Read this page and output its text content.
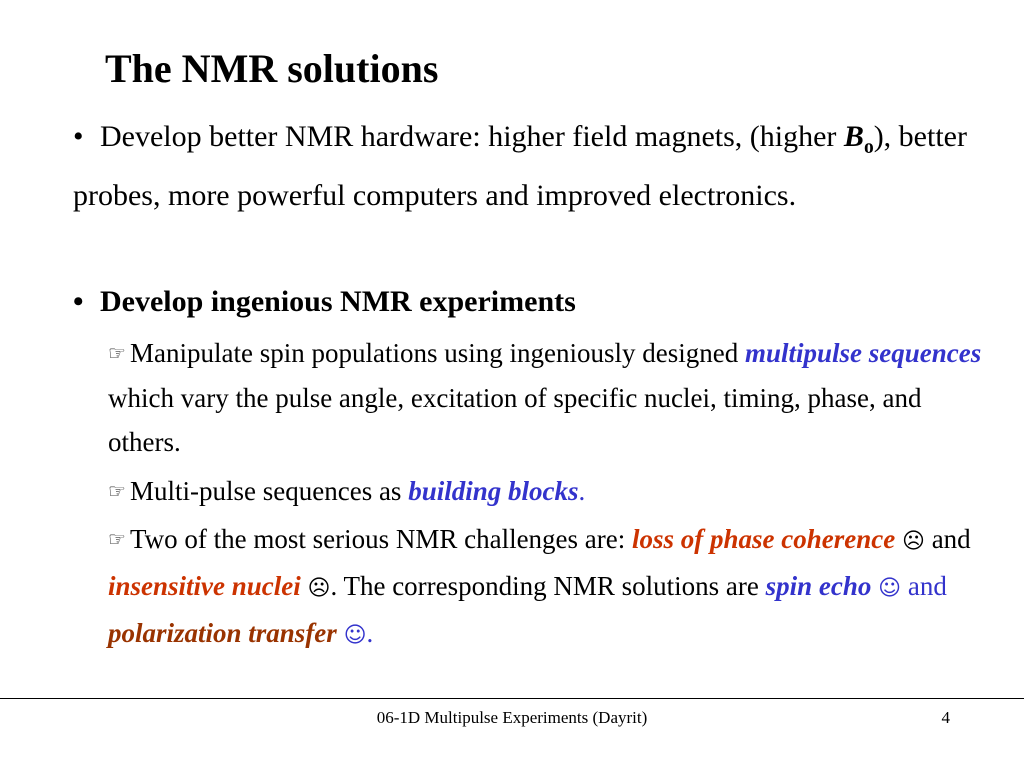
The NMR solutions

• Develop better NMR hardware: higher field magnets, (higher $B_o$), better probes, more powerful computers and improved electronics.

• Develop ingenious NMR experiments

☞ Manipulate spin populations using ingeniously designed multipulse sequences which vary the pulse angle, excitation of specific nuclei, timing, phase, and others.
☞ Multi-pulse sequences as building blocks.
☞ Two of the most serious NMR challenges are: loss of phase coherence ☹ and insensitive nuclei ☹. The corresponding NMR solutions are spin echo ☺ and polarization transfer ☺.
06-1D Multipulse Experiments (Dayrit)	4
